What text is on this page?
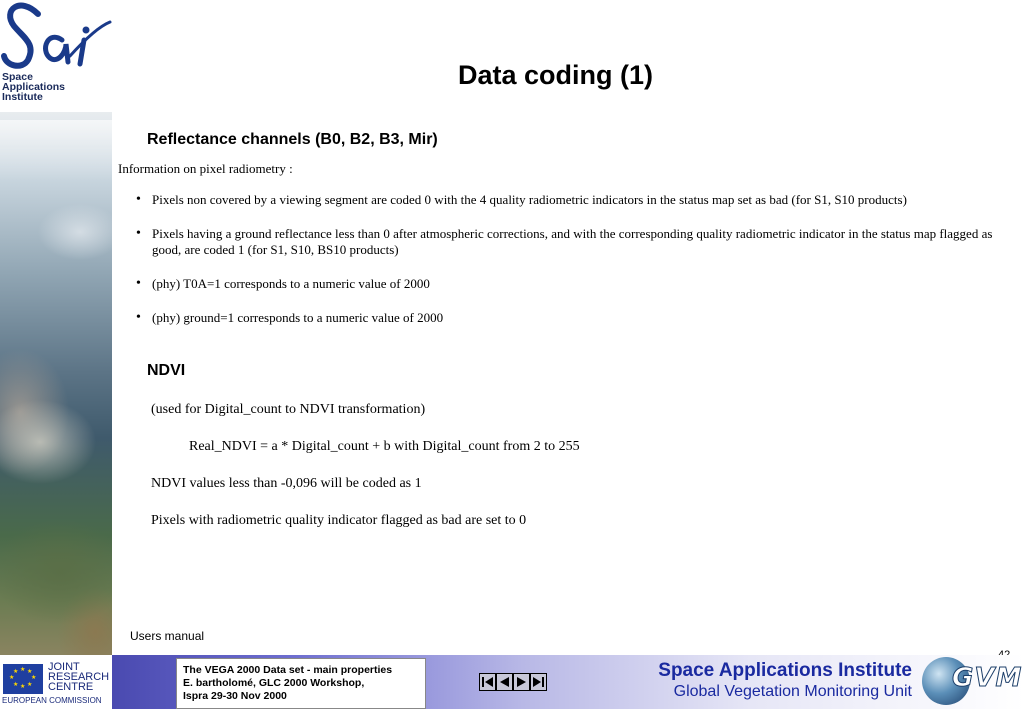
Space
Applications
Institute
Data coding (1)
Reflectance channels (B0, B2, B3, Mir)
Information on pixel radiometry :
• Pixels non covered by a viewing segment are coded 0 with the 4 quality radiometric indicators in the status map set as bad (for S1, S10 products)
• Pixels having a ground reflectance less than 0 after atmospheric corrections, and with the corresponding quality radiometric indicator in the status map flagged as good, are coded 1 (for S1, S10, BS10 products)
• (phy) T0A=1 corresponds to a numeric value of 2000
• (phy) ground=1 corresponds to a numeric value of 2000
NDVI
(used for Digital_count to NDVI transformation)
Real_NDVI = a * Digital_count + b with Digital_count from 2 to 255
NDVI values less than -0,096 will be coded as 1
Pixels with radiometric quality indicator flagged as bad are set to 0
Users manual
★ ★
★
★
★
★
★
★	JOINT
RESEARCH
CENTRE
EUROPEAN COMMISSION
The VEGA 2000 Data set - main properties
E. bartholomé, GLC 2000 Workshop,
Ispra 29-30 Nov 2000
Space Applications Institute
Global Vegetation Monitoring Unit GVM
